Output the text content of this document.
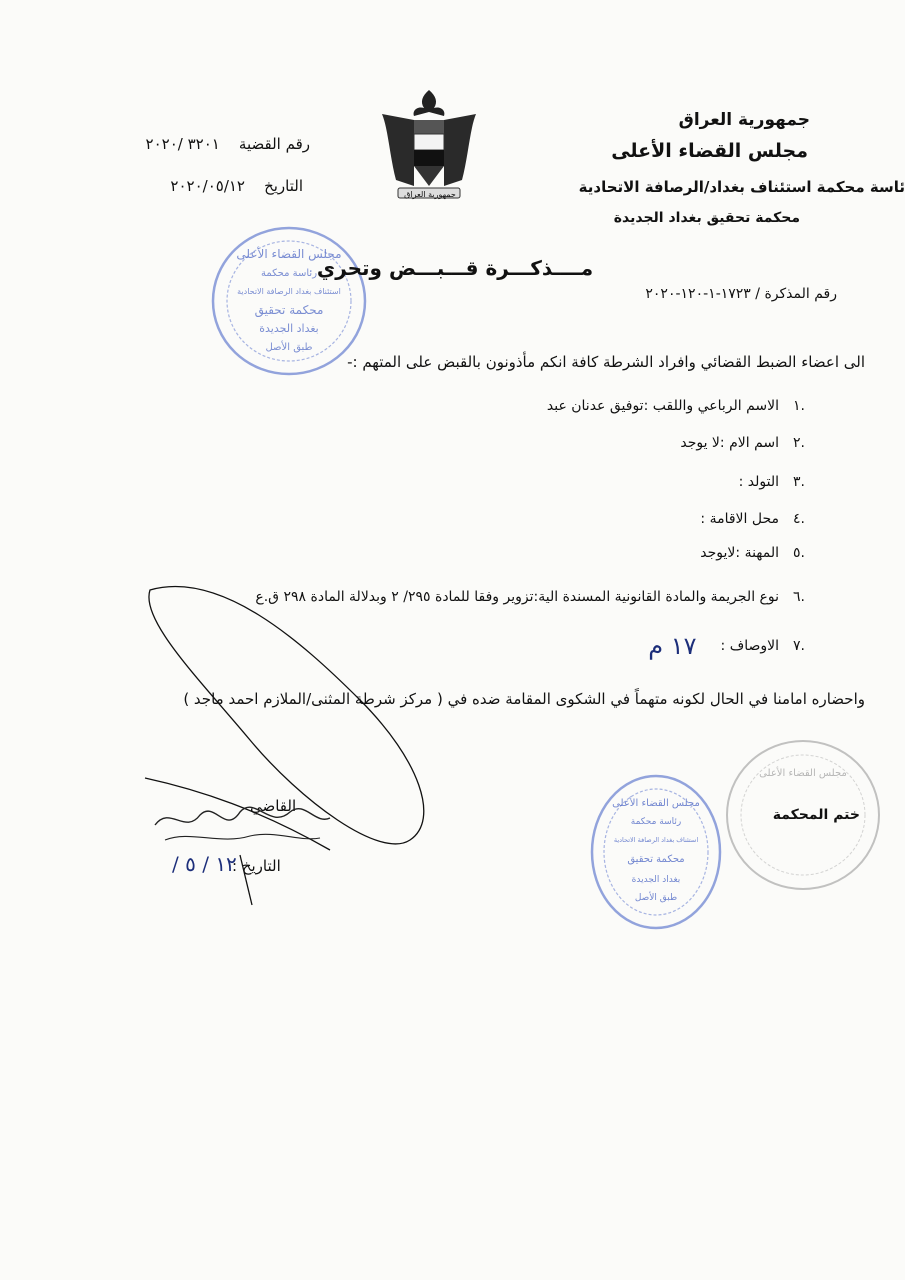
جمهورية العراق
جمهورية العراق
مجلس القضاء الأعلى
ئاسة محكمة استئناف بغداد/الرصافة الاتحادية
محكمة تحقيق بغداد الجديدة
رقم القضية    ٣٢٠١ /٢٠٢٠
التاريخ    ٢٠٢٠/٠٥/١٢
مجلس القضاء الأعلى
رئاسة محكمة
استئناف بغداد الرصافة الاتحادية
محكمة تحقيق
بغداد الجديدة
طبق الأصل
مــــذكـــرة قـــبـــض وتحري
رقم المذكرة / ١٧٢٣-١-١٢٠-٢٠٢٠
الى اعضاء الضبط القضائي وافراد الشرطة كافة انكم مأذونون بالقبض على المتهم :-
.١
الاسم الرباعي واللقب :توفيق عدنان عبد
.٢
اسم الام :لا يوجد
.٣
التولد :
.٤
محل الاقامة :
.٥
المهنة :لايوجد
.٦
نوع الجريمة والمادة القانونية المسندة الية:تزوير وفقا للمادة ٢٩٥/ ٢ وبدلالة المادة ٢٩٨ ق.ع
.٧
الاوصاف :
١٧ م
واحضاره امامنا في الحال لكونه متهماً في الشكوى المقامة ضده في ( مركز شرطة المثنى/الملازم احمد ماجد )
القاضي
التاريخ :
١٢ / ٥ /
ختم المحكمة
مجلس القضاء الأعلى
مجلس القضاء الأعلى
رئاسة محكمة
استئناف بغداد الرصافة الاتحادية
محكمة تحقيق
بغداد الجديدة
طبق الأصل
